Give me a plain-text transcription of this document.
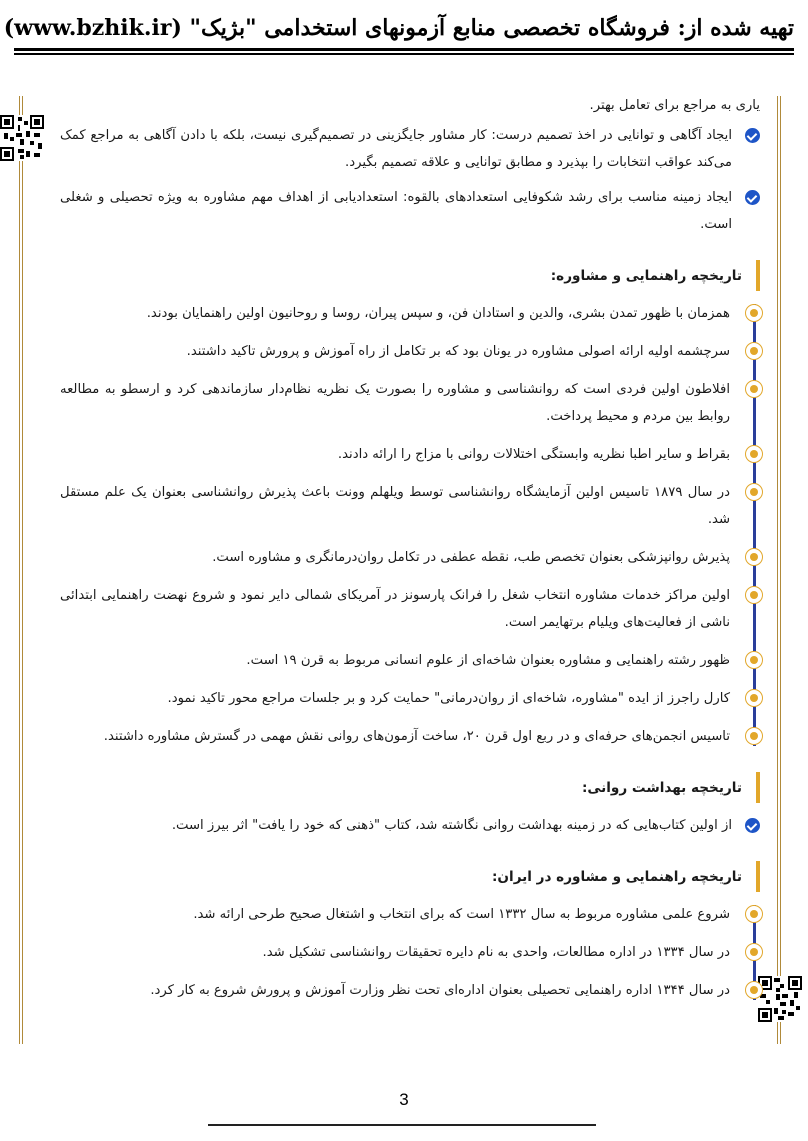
تهیه شده از: فروشگاه تخصصی منابع آزمونهای استخدامی "بژیک" (www.bzhik.ir)

یاری به مراجع برای تعامل بهتر.

ایجاد آگاهی و توانایی در اخذ تصمیم درست: کار مشاور جایگزینی در تصمیم‌گیری نیست، بلکه با دادن آگاهی به مراجع کمک می‌کند عواقب انتخابات را بپذیرد و مطابق توانایی و علاقه تصمیم بگیرد.
ایجاد زمینه مناسب برای رشد شکوفایی استعدادهای بالقوه: استعدادیابی از اهداف مهم مشاوره به ویژه تحصیلی و شغلی است.
تاریخچه راهنمایی و مشاوره:
همزمان با ظهور تمدن بشری، والدین و استادان فن، و سپس پیران، روسا و روحانیون اولین راهنمایان بودند.
سرچشمه اولیه ارائه اصولی مشاوره در یونان بود که بر تکامل از راه آموزش و پرورش تاکید داشتند.
افلاطون اولین فردی است که روانشناسی و مشاوره را بصورت یک نظریه نظام‌دار سازماندهی کرد و ارسطو به مطالعه روابط بین مردم و محیط پرداخت.
بقراط و سایر اطبا نظریه وابستگی اختلالات روانی با مزاج را ارائه دادند.
در سال ۱۸۷۹ تاسیس اولین آزمایشگاه روانشناسی توسط ویلهلم وونت باعث پذیرش روانشناسی بعنوان یک علم مستقل شد.
پذیرش روانپزشکی بعنوان تخصص طب، نقطه عطفی در تکامل روان‌درمانگری و مشاوره است.
اولین مراکز خدمات مشاوره انتخاب شغل را فرانک پارسونز در آمریکای شمالی دایر نمود و شروع نهضت راهنمایی ابتدائی ناشی از فعالیت‌های ویلیام برتهایمر است.
ظهور رشته راهنمایی و مشاوره بعنوان شاخه‌ای از علوم انسانی مربوط به قرن ۱۹ است.
کارل راجرز از ایده "مشاوره، شاخه‌ای از روان‌درمانی" حمایت کرد و بر جلسات مراجع محور تاکید نمود.
تاسیس انجمن‌های حرفه‌ای و در ربع اول قرن ۲۰، ساخت آزمون‌های روانی نقش مهمی در گسترش مشاوره داشتند.
تاریخچه بهداشت روانی:
از اولین کتاب‌هایی که در زمینه بهداشت روانی نگاشته شد، کتاب "ذهنی که خود را یافت" اثر بیرز است.
تاریخچه راهنمایی و مشاوره در ایران:
شروع علمی مشاوره مربوط به سال ۱۳۳۲ است که برای انتخاب و اشتغال صحیح طرحی ارائه شد.
در سال ۱۳۳۴ در اداره مطالعات، واحدی به نام دایره تحقیقات روانشناسی تشکیل شد.
در سال ۱۳۴۴ اداره راهنمایی تحصیلی بعنوان اداره‌ای تحت نظر وزارت آموزش و پرورش شروع به کار کرد.
3
